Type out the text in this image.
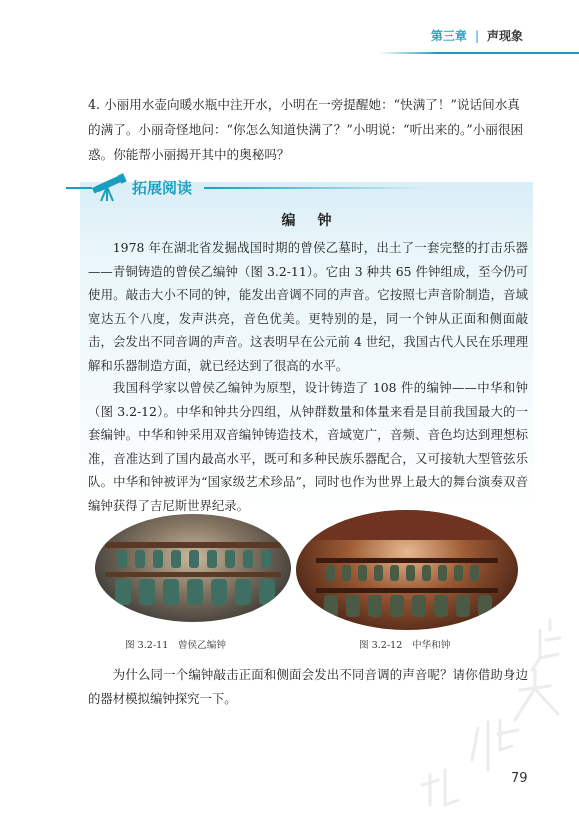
第三章 | 声现象
4. 小丽用水壶向暖水瓶中注开水，小明在一旁提醒她：“快满了！”说话间水真的满了。小丽奇怪地问：“你怎么知道快满了？”小明说：“听出来的。”小丽很困惑。你能帮小丽揭开其中的奥秘吗？
拓展阅读
编钟
1978 年在湖北省发掘战国时期的曾侯乙墓时，出土了一套完整的打击乐器——青铜铸造的曾侯乙编钟（图 3.2-11）。它由 3 种共 65 件钟组成，至今仍可使用。敲击大小不同的钟，能发出音调不同的声音。它按照七声音阶制造，音域宽达五个八度，发声洪亮，音色优美。更特别的是，同一个钟从正面和侧面敲击，会发出不同音调的声音。这表明早在公元前 4 世纪，我国古代人民在乐理理解和乐器制造方面，就已经达到了很高的水平。
我国科学家以曾侯乙编钟为原型，设计铸造了 108 件的编钟——中华和钟（图 3.2-12）。中华和钟共分四组，从钟群数量和体量来看是目前我国最大的一套编钟。中华和钟采用双音编钟铸造技术，音域宽广，音频、音色均达到理想标准，音准达到了国内最高水平，既可和多种民族乐器配合，又可接轨大型管弦乐队。中华和钟被评为“国家级艺术珍品”，同时也作为世界上最大的舞台演奏双音编钟获得了吉尼斯世界纪录。
图 3.2-11　曾侯乙编钟	图 3.2-12　中华和钟
为什么同一个编钟敲击正面和侧面会发出不同音调的声音呢？请你借助身边的器材模拟编钟探究一下。
79
